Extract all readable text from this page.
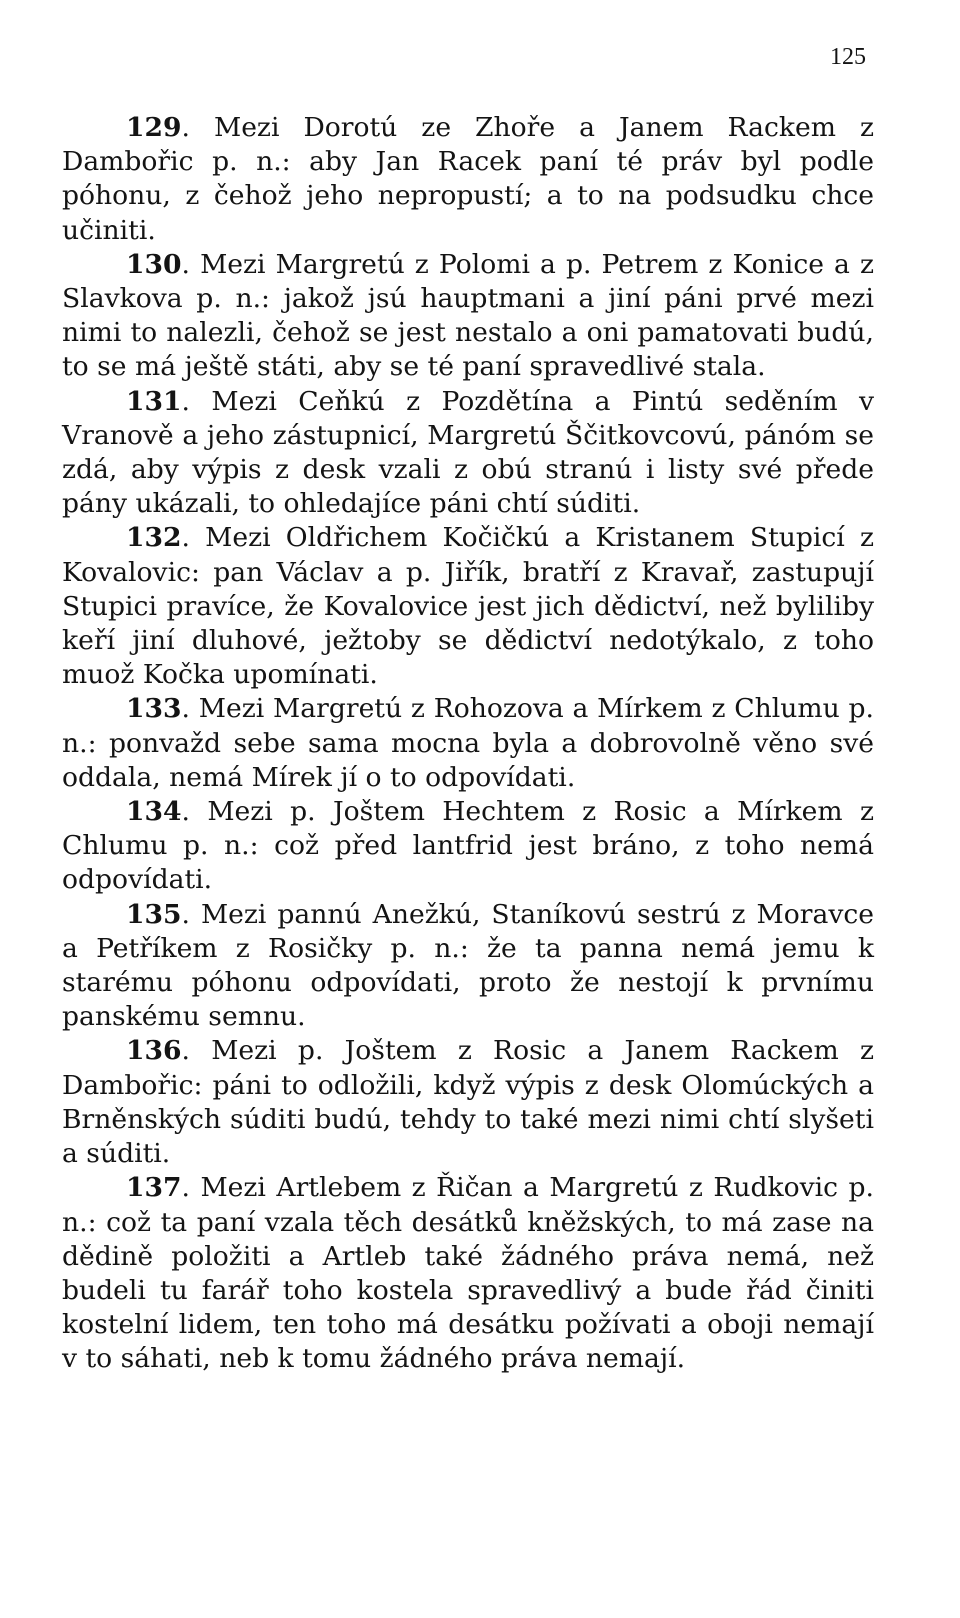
125

129. Mezi Dorotú ze Zhoře a Janem Rackem z Dambořic p. n.: aby Jan Racek paní té práv byl podle póhonu, z čehož jeho nepropustí; a to na podsudku chce učiniti.

130. Mezi Margretú z Polomi a p. Petrem z Konice a z Slavkova p. n.: jakož jsú hauptmani a jiní páni prvé mezi nimi to nalezli, čehož se jest nestalo a oni pamatovati budú, to se má ještě státi, aby se té paní spravedlivé stala.

131. Mezi Ceňkú z Pozdětína a Pintú seděním v Vranově a jeho zástupnicí, Margretú Ščitkovcovú, pánóm se zdá, aby výpis z desk vzali z obú stranú i listy své přede pány ukázali, to ohledajíce páni chtí súditi.

132. Mezi Oldřichem Kočičkú a Kristanem Stupicí z Kovalovic: pan Václav a p. Jiřík, bratří z Kravař, zastupují Stupici pravíce, že Kovalovice jest jich dědictví, než byliliby keří jiní dluhové, ježtoby se dědictví nedotýkalo, z toho muož Kočka upomínati.

133. Mezi Margretú z Rohozova a Mírkem z Chlumu p. n.: ponvažd sebe sama mocna byla a dobrovolně věno své oddala, nemá Mírek jí o to odpovídati.

134. Mezi p. Joštem Hechtem z Rosic a Mírkem z Chlumu p. n.: což před lantfrid jest bráno, z toho nemá odpovídati.

135. Mezi pannú Anežkú, Staníkovú sestrú z Moravce a Petříkem z Rosičky p. n.: že ta panna nemá jemu k starému póhonu odpovídati, proto že nestojí k prvnímu panskému semnu.

136. Mezi p. Joštem z Rosic a Janem Rackem z Dambořic: páni to odložili, když výpis z desk Olomúckých a Brněnských súditi budú, tehdy to také mezi nimi chtí slyšeti a súditi.

137. Mezi Artlebem z Řičan a Margretú z Rudkovic p. n.: což ta paní vzala těch desátků kněžských, to má zase na dědině položiti a Artleb také žádného práva nemá, než budeli tu farář toho kostela spravedlivý a bude řád činiti kostelní lidem, ten toho má desátku požívati a oboji nemají v to sáhati, neb k tomu žádného práva nemají.
